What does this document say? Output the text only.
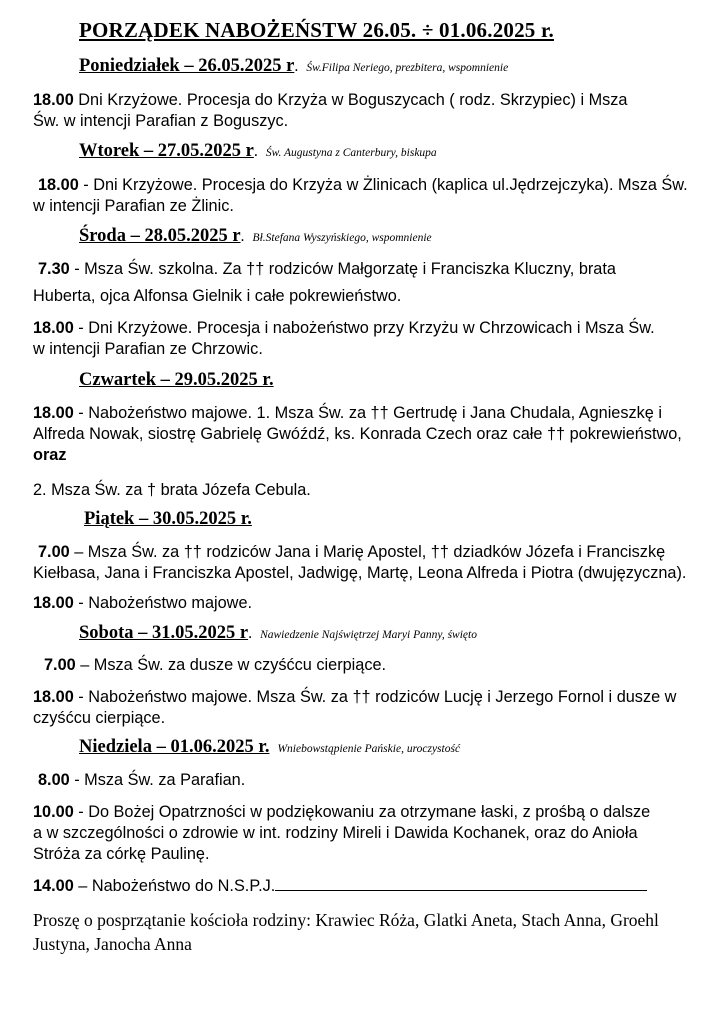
PORZĄDEK NABOŻEŃSTW 26.05. ÷ 01.06.2025 r.
Poniedziałek – 26.05.2025 r. Św.Filipa Neriego, prezbitera, wspomnienie
18.00 Dni Krzyżowe. Procesja do Krzyża w Boguszycach ( rodz. Skrzypiec) i Msza
Św. w intencji Parafian z Boguszyc.
Wtorek – 27.05.2025 r. Św. Augustyna z Canterbury, biskupa
18.00 - Dni Krzyżowe. Procesja do Krzyża w Żlinicach (kaplica ul.Jędrzejczyka). Msza Św.
w intencji Parafian ze Żlinic.
Środa – 28.05.2025 r. Bł.Stefana Wyszyńskiego, wspomnienie
7.30 - Msza Św. szkolna. Za †† rodziców Małgorzatę i Franciszka Kluczny, brata
Huberta, ojca Alfonsa Gielnik i całe pokrewieństwo.
18.00 - Dni Krzyżowe. Procesja i nabożeństwo przy Krzyżu w Chrzowicach i Msza Św.
w intencji Parafian ze Chrzowic.
Czwartek – 29.05.2025 r.
18.00 - Nabożeństwo majowe. 1. Msza Św. za †† Gertrudę i Jana Chudala, Agnieszkę i
Alfreda Nowak, siostrę Gabrielę Gwóźdź, ks. Konrada Czech oraz całe †† pokrewieństwo,
oraz
2. Msza Św. za † brata Józefa Cebula.
Piątek – 30.05.2025 r.
7.00 – Msza Św. za †† rodziców Jana i Marię Apostel, †† dziadków Józefa i Franciszkę
Kiełbasa, Jana i Franciszka Apostel, Jadwigę, Martę, Leona Alfreda i Piotra (dwujęzyczna).
18.00 - Nabożeństwo majowe.
Sobota – 31.05.2025 r. Nawiedzenie Najświętrzej Maryi Panny, święto
7.00 – Msza Św. za dusze w czyśćcu cierpiące.
18.00 - Nabożeństwo majowe. Msza Św. za †† rodziców Lucję i Jerzego Fornol i dusze w
czyśćcu cierpiące.
Niedziela – 01.06.2025 r. Wniebowstąpienie Pańskie, uroczystość
8.00 - Msza Św. za Parafian.
10.00 - Do Bożej Opatrzności w podziękowaniu za otrzymane łaski, z prośbą o dalsze
a w szczególności o zdrowie w int. rodziny Mireli i Dawida Kochanek, oraz do Anioła
Stróża za córkę Paulinę.
14.00 – Nabożeństwo do N.S.P.J.
Proszę o posprzątanie kościoła rodziny: Krawiec Róża, Glatki Aneta, Stach Anna, Groehl Justyna, Janocha Anna
